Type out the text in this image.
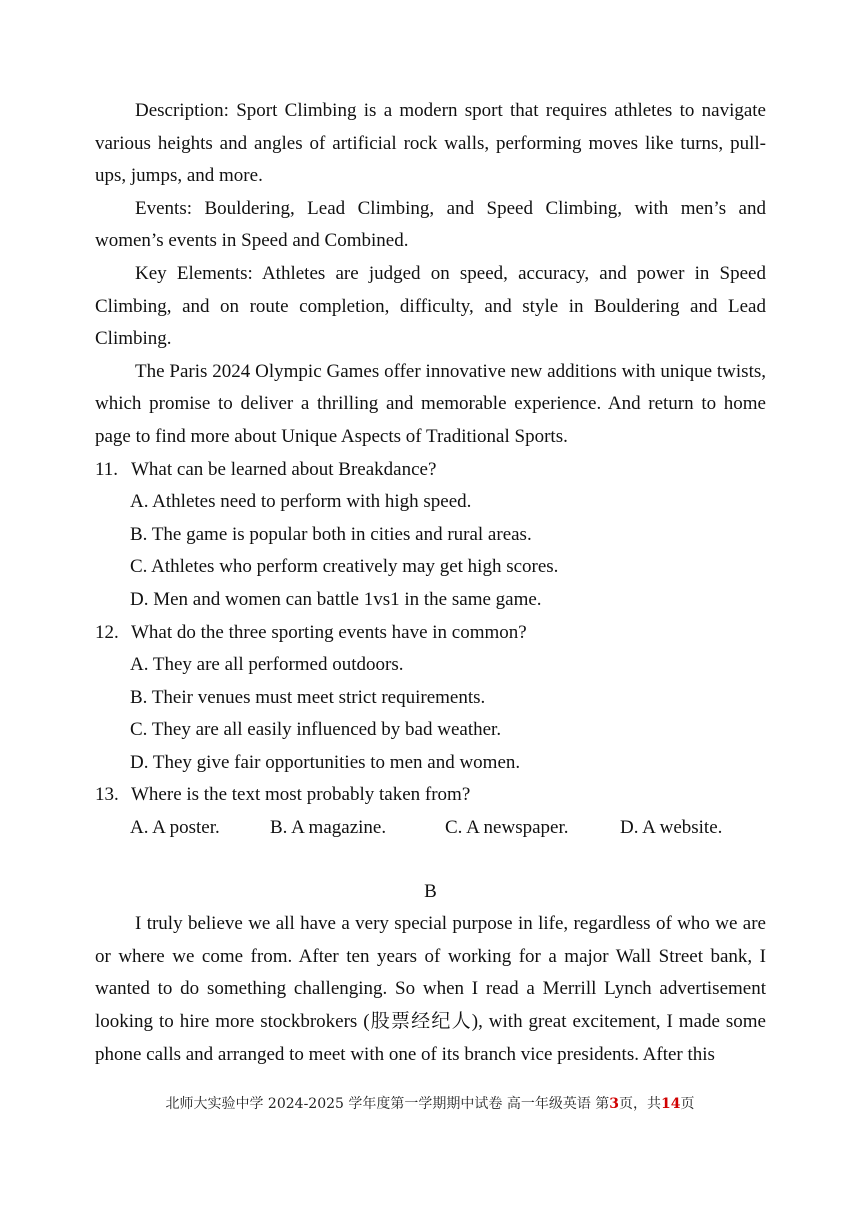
Description: Sport Climbing is a modern sport that requires athletes to navigate various heights and angles of artificial rock walls, performing moves like turns, pull-ups, jumps, and more.

Events: Bouldering, Lead Climbing, and Speed Climbing, with men’s and women’s events in Speed and Combined.

Key Elements: Athletes are judged on speed, accuracy, and power in Speed Climbing, and on route completion, difficulty, and style in Bouldering and Lead Climbing.

The Paris 2024 Olympic Games offer innovative new additions with unique twists, which promise to deliver a thrilling and memorable experience. And return to home page to find more about Unique Aspects of Traditional Sports.

11. What can be learned about Breakdance?

A. Athletes need to perform with high speed.

B. The game is popular both in cities and rural areas.

C. Athletes who perform creatively may get high scores.

D. Men and women can battle 1vs1 in the same game.

12. What do the three sporting events have in common?

A. They are all performed outdoors.

B. Their venues must meet strict requirements.

C. They are all easily influenced by bad weather.

D. They give fair opportunities to men and women.

13. Where is the text most probably taken from?

A. A poster.	B. A magazine.	C. A newspaper.	D. A website.
B

I truly believe we all have a very special purpose in life, regardless of who we are or where we come from. After ten years of working for a major Wall Street bank, I wanted to do something challenging. So when I read a Merrill Lynch advertisement looking to hire more stockbrokers (股票经纪人), with great excitement, I made some phone calls and arranged to meet with one of its branch vice presidents. After this

北师大实验中学 2024-2025 学年度第一学期期中试卷 高一年级英语 第3页，共14页
